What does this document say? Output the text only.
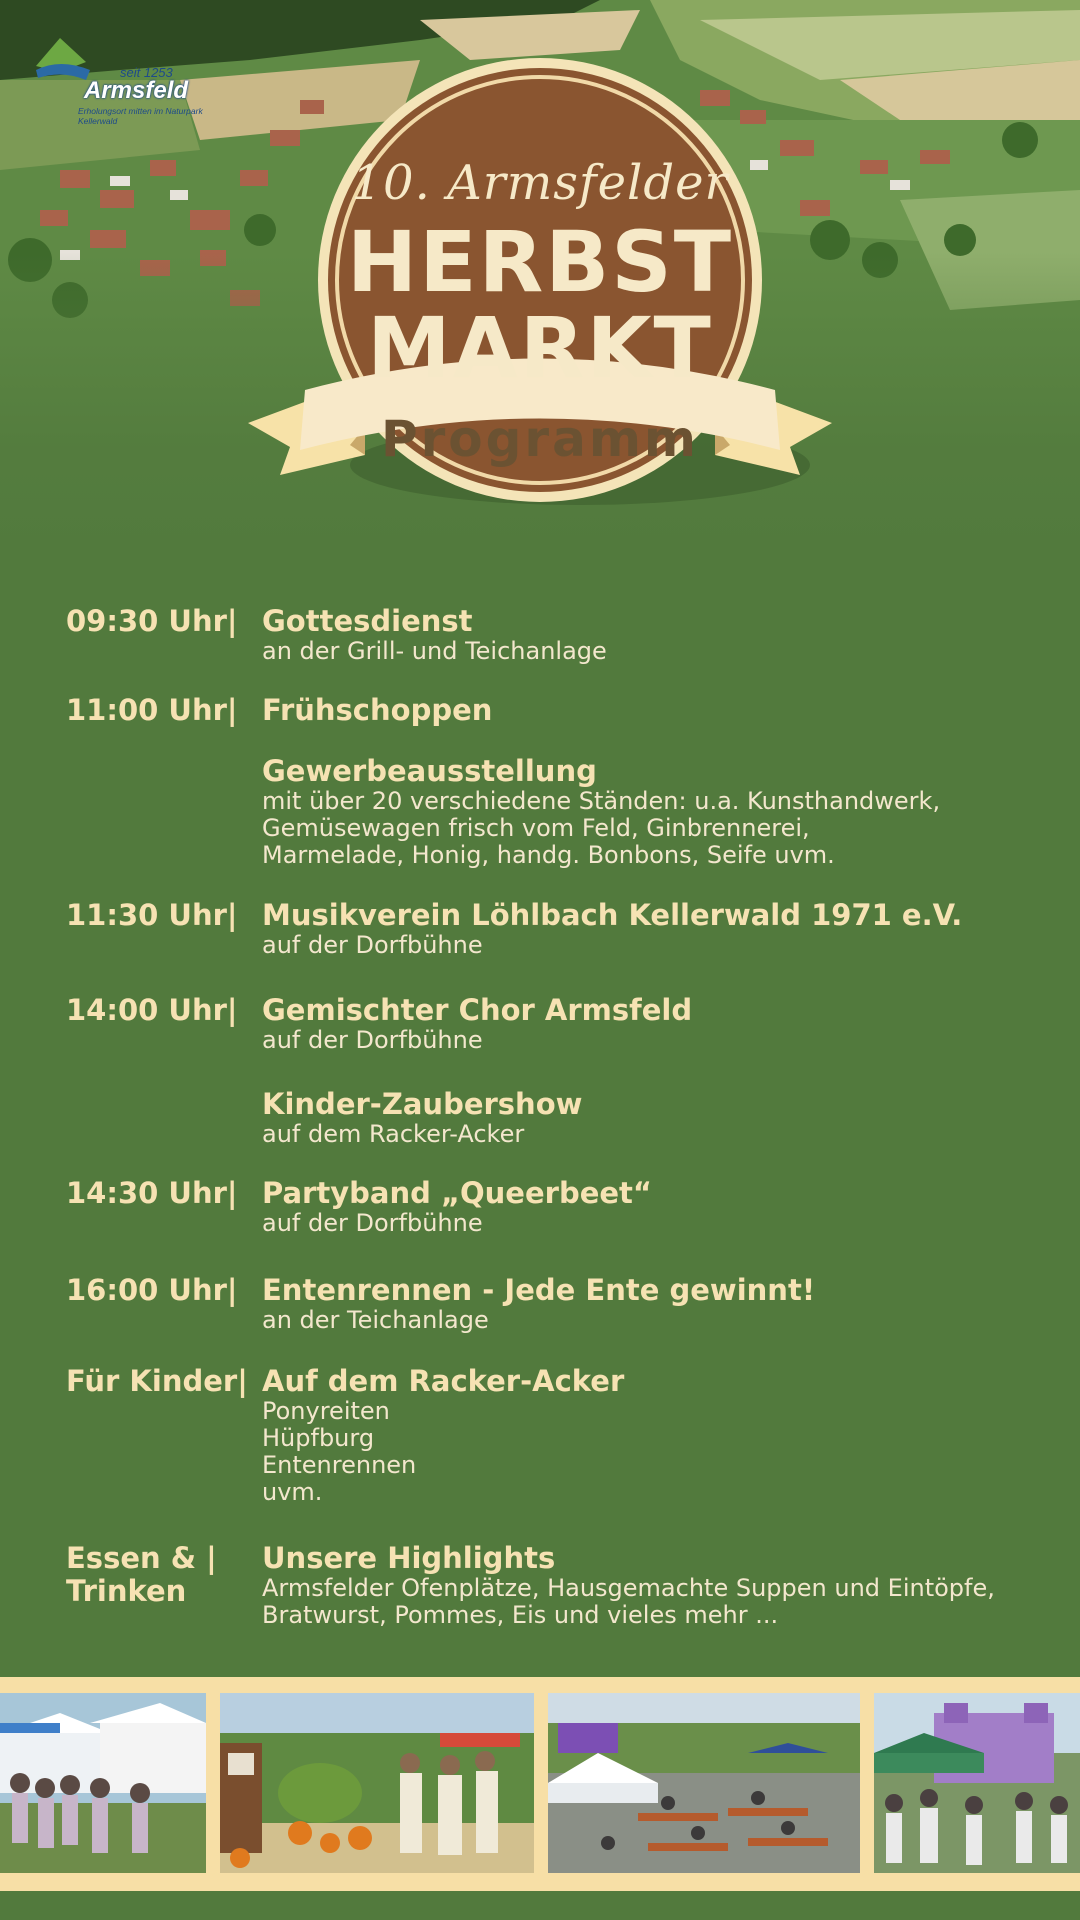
seit 1253
Armsfeld
Erholungsort mitten im Naturpark Kellerwald
10. Armsfelder
HERBST
MARKT
Programm
09:30 Uhr| Gottesdienst
an der Grill- und Teichanlage
11:00 Uhr| Frühschoppen
Gewerbeausstellung
mit über 20 verschiedene Ständen: u.a. Kunsthandwerk,
Gemüsewagen frisch vom Feld, Ginbrennerei,
Marmelade, Honig, handg. Bonbons, Seife uvm.
11:30 Uhr| Musikverein Löhlbach Kellerwald 1971 e.V.
auf der Dorfbühne
14:00 Uhr| Gemischter Chor Armsfeld
auf der Dorfbühne
Kinder-Zaubershow
auf dem Racker-Acker
14:30 Uhr| Partyband „Queerbeet“
auf der Dorfbühne
16:00 Uhr| Entenrennen - Jede Ente gewinnt!
an der Teichanlage
Für Kinder| Auf dem Racker-Acker
Ponyreiten
Hüpfburg
Entenrennen
uvm.
Essen & |
Trinken
Unsere Highlights
Armsfelder Ofenplätze, Hausgemachte Suppen und Eintöpfe,
Bratwurst, Pommes, Eis und vieles mehr ...
